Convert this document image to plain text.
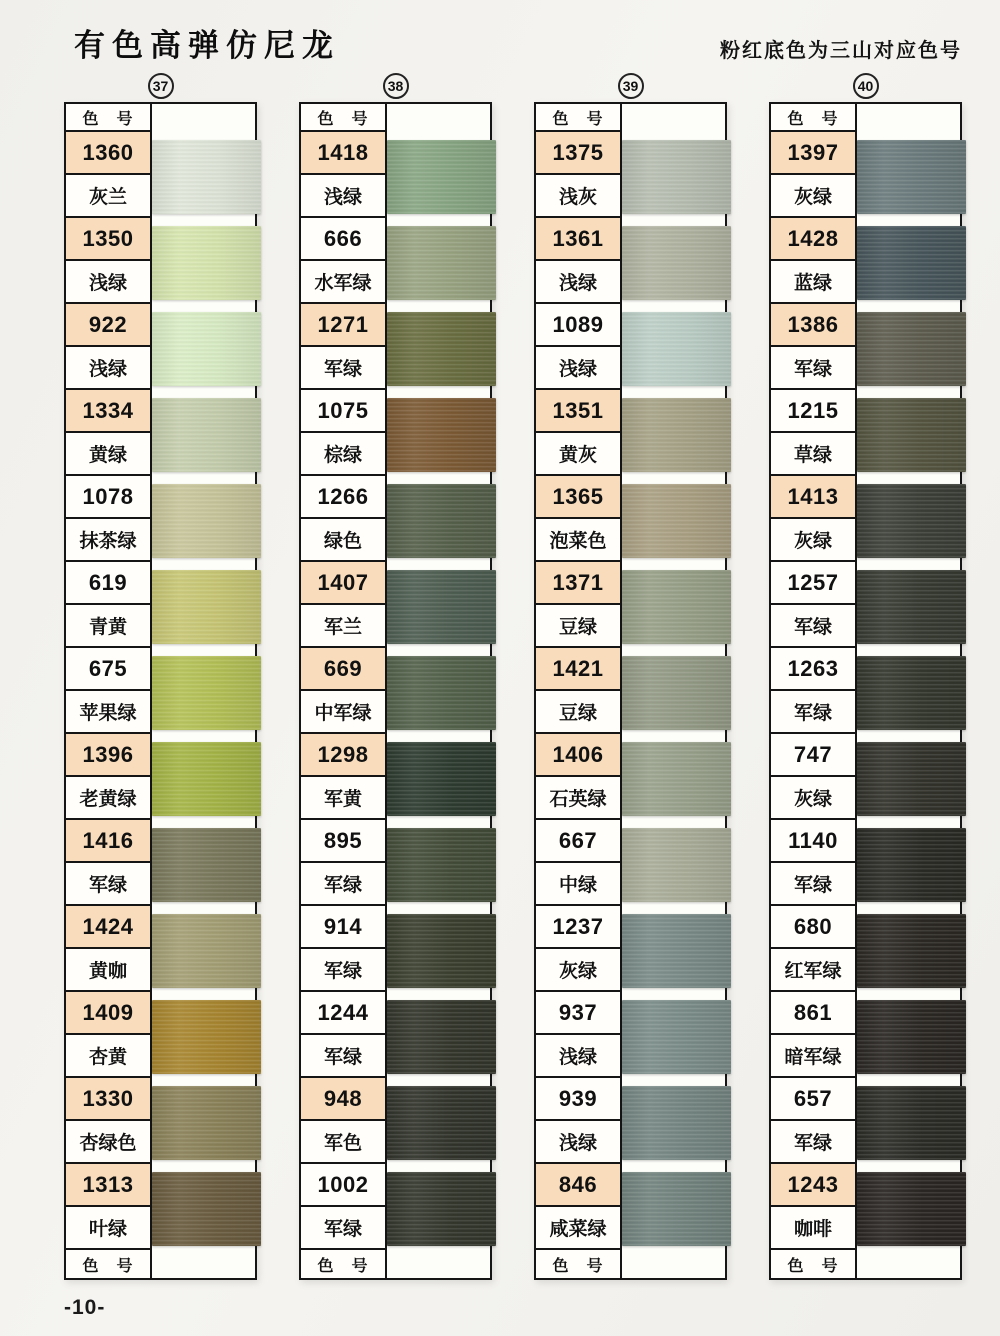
有色高弹仿尼龙	粉红底色为三山对应色号
37
色　号
1360
灰兰
1350
浅绿
922
浅绿
1334
黄绿
1078
抹茶绿
619
青黄
675
苹果绿
1396
老黄绿
1416
军绿
1424
黄咖
1409
杏黄
1330
杏绿色
1313
叶绿
色　号
38
色　号
1418
浅绿
666
水军绿
1271
军绿
1075
棕绿
1266
绿色
1407
军兰
669
中军绿
1298
军黄
895
军绿
914
军绿
1244
军绿
948
军色
1002
军绿
色　号
39
色　号
1375
浅灰
1361
浅绿
1089
浅绿
1351
黄灰
1365
泡菜色
1371
豆绿
1421
豆绿
1406
石英绿
667
中绿
1237
灰绿
937
浅绿
939
浅绿
846
咸菜绿
色　号
40
色　号
1397
灰绿
1428
蓝绿
1386
军绿
1215
草绿
1413
灰绿
1257
军绿
1263
军绿
747
灰绿
1140
军绿
680
红军绿
861
暗军绿
657
军绿
1243
咖啡
色　号
-10-
